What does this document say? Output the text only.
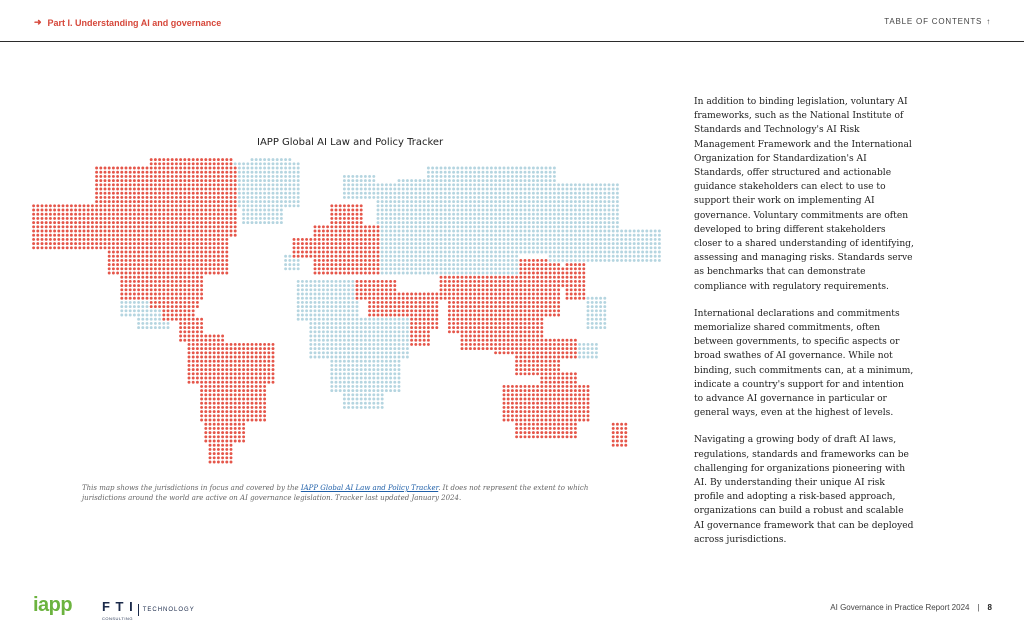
➜ Part I. Understanding AI and governance	TABLE OF CONTENTS ↑
IAPP Global AI Law and Policy Tracker
This map shows the jurisdictions in focus and covered by the IAPP Global AI Law and Policy Tracker. It does not represent the extent to which jurisdictions around the world are active on AI governance legislation. Tracker last updated January 2024.

In addition to binding legislation, voluntary AI frameworks, such as the National Institute of Standards and Technology's AI Risk Management Framework and the International Organization for Standardization's AI Standards, offer structured and actionable guidance stakeholders can elect to use to support their work on implementing AI governance. Voluntary commitments are often developed to bring different stakeholders closer to a shared understanding of identifying, assessing and managing risks. Standards serve as benchmarks that can demonstrate compliance with regulatory requirements.

International declarations and commitments memorialize shared commitments, often between governments, to specific aspects or broad swathes of AI governance. While not binding, such commitments can, at a minimum, indicate a country's support for and intention to advance AI governance in particular or general ways, even at the highest of levels.

Navigating a growing body of draft AI laws, regulations, standards and frameworks can be challenging for organizations pioneering with AI. By understanding their unique AI risk profile and adopting a risk-based approach, organizations can build a robust and scalable AI governance framework that can be deployed across jurisdictions.

iapp F T I
CONSULTING
TECHNOLOGY	AI Governance in Practice Report 2024 | 8
